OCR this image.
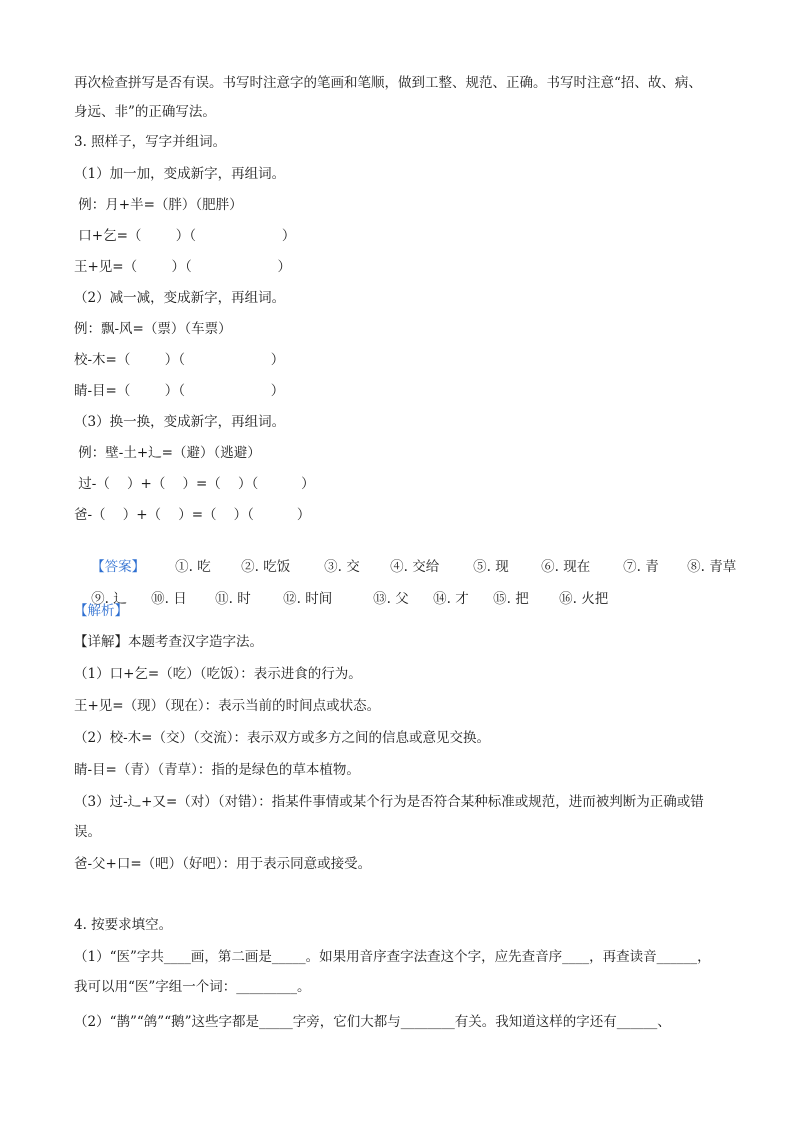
再次检查拼写是否有误。书写时注意字的笔画和笔顺，做到工整、规范、正确。书写时注意“招、故、病、
身远、非”的正确写法。
3. 照样子，写字并组词。
（1）加一加，变成新字，再组词。
例：月+半=（胖）（肥胖）
口+乞=（        ）（                    ）
王+见=（        ）（                    ）
（2）减一减，变成新字，再组词。
例：飘-风=（票）（车票）
校-木=（        ）（                    ）
睛-目=（        ）（                    ）
（3）换一换，变成新字，再组词。
例：壁-土+辶=（避）（逃避）
过-（    ）+（    ）=（    ）（          ）
爸-（    ）+（    ）=（    ）（          ）

【答案】 ①. 吃 ②. 吃饭	③. 交 ④. 交给	⑤. 现 ⑥. 现在 ⑦. 青 ⑧. 青草

⑨. 辶 ⑩. 日 ⑪. 时 ⑫. 时间	⑬. 父 ⑭. 才 ⑮. 把 ⑯. 火把

【解析】
【详解】本题考查汉字造字法。
（1）口+乞=（吃）（吃饭）：表示进食的行为。
王+见=（现）（现在）：表示当前的时间点或状态。
（2）校-木=（交）（交流）：表示双方或多方之间的信息或意见交换。
睛-目=（青）（青草）：指的是绿色的草本植物。
（3）过-辶+又=（对）（对错）：指某件事情或某个行为是否符合某种标准或规范，进而被判断为正确或错
误。
爸-父+口=（吧）（好吧）：用于表示同意或接受。
4. 按要求填空。
（1）“医”字共____画，第二画是_____。如果用音序查字法查这个字，应先查音序____，再查读音______，
我可以用“医”字组一个词：_________。
（2）“鹊”“鸽”“鹅”这些字都是_____字旁，它们大都与________有关。我知道这样的字还有______、
